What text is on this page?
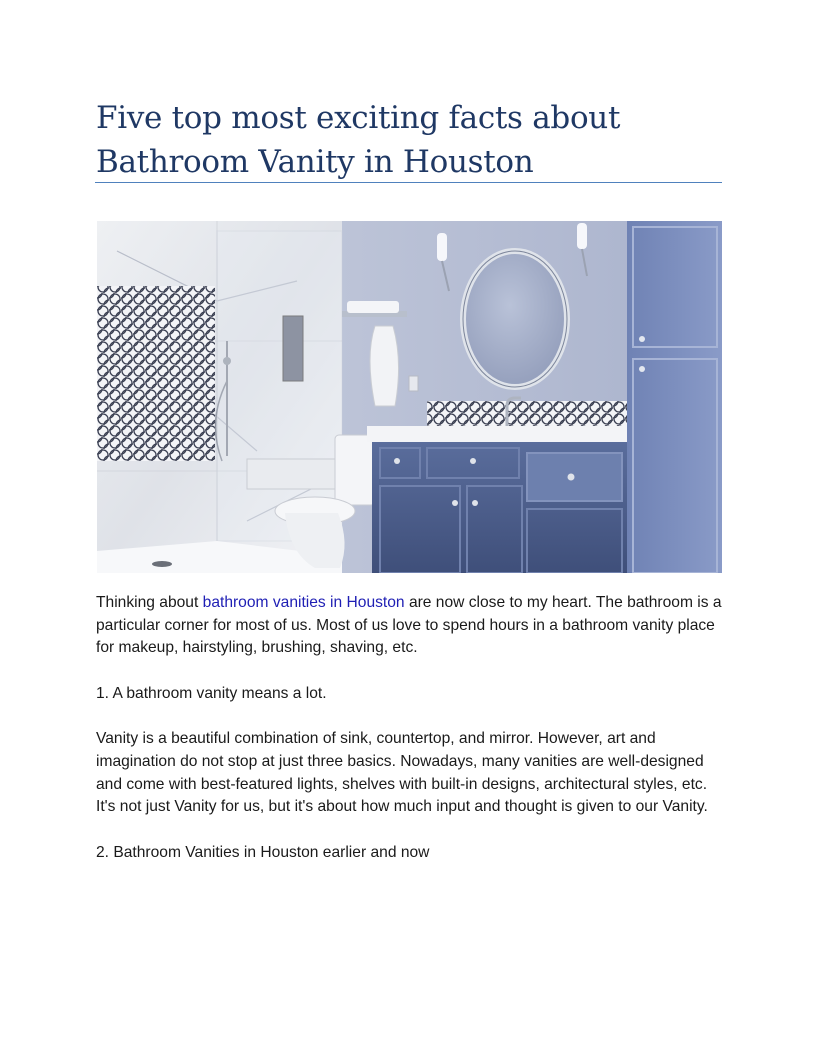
Five top most exciting facts about
Bathroom Vanity in Houston

Thinking about bathroom vanities in Houston are now close to my heart. The bathroom is a particular corner for most of us. Most of us love to spend hours in a bathroom vanity place for makeup, hairstyling, brushing, shaving, etc.

1. A bathroom vanity means a lot.

Vanity is a beautiful combination of sink, countertop, and mirror. However, art and imagination do not stop at just three basics. Nowadays, many vanities are well-designed and come with best-featured lights, shelves with built-in designs, architectural styles, etc.

It's not just Vanity for us, but it's about how much input and thought is given to our Vanity.

2. Bathroom Vanities in Houston earlier and now
